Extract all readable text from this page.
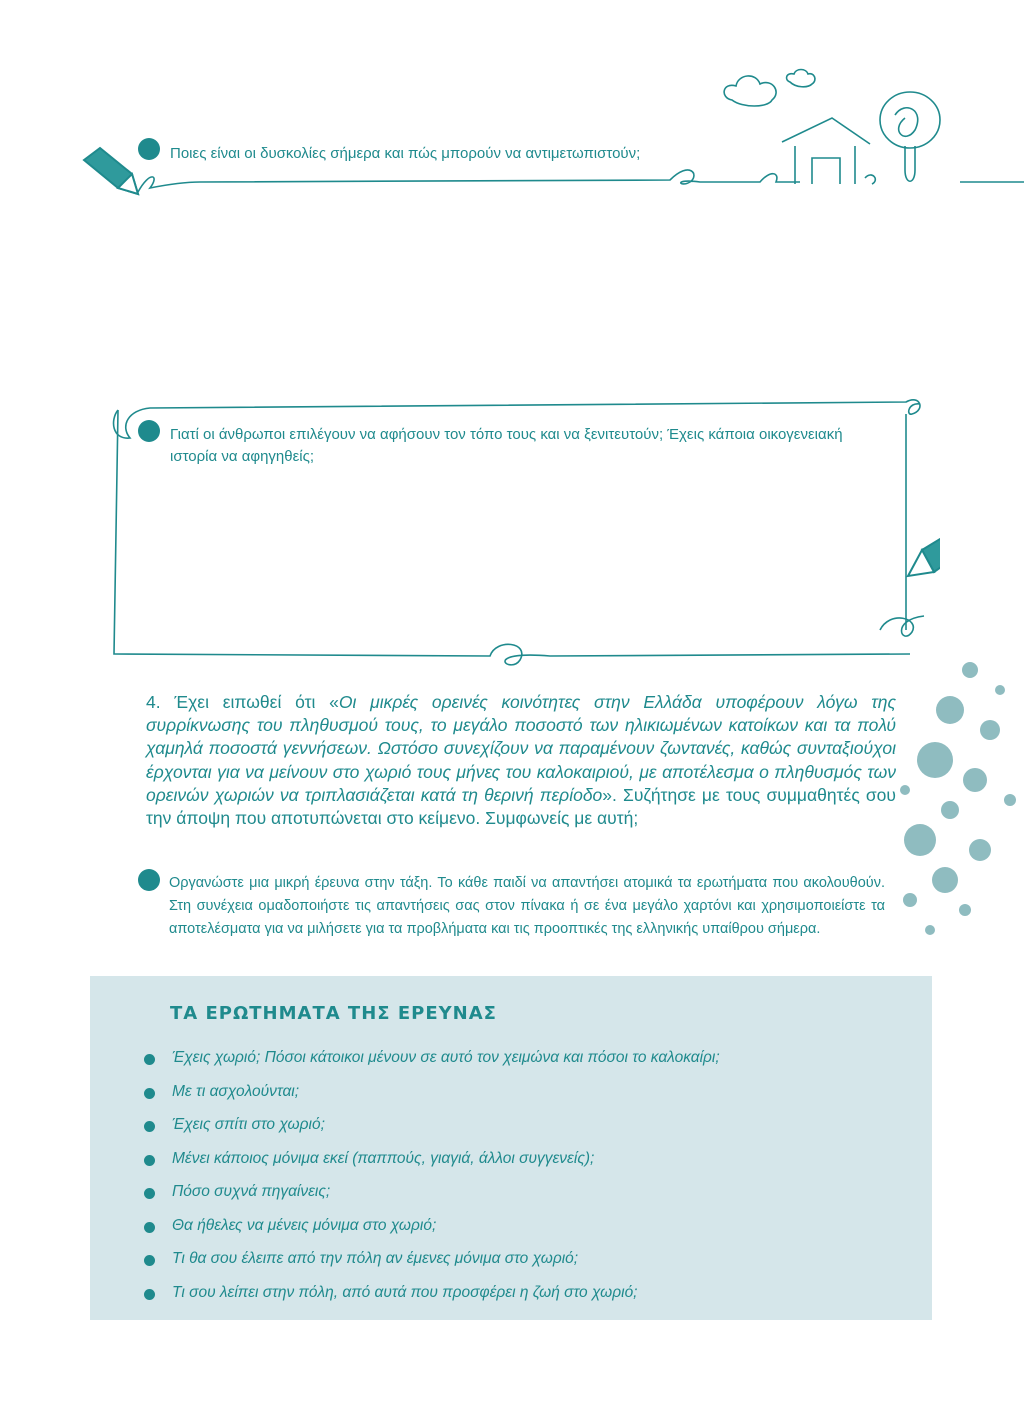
Ποιες είναι οι δυσκολίες σήμερα και πώς μπορούν να αντιμετωπιστούν;
Γιατί οι άνθρωποι επιλέγουν να αφήσουν τον τόπο τους και να ξενιτευτούν; Έχεις κάποια οικογενειακή
ιστορία να αφηγηθείς;
4. Έχει ειπωθεί ότι «Οι μικρές ορεινές κοινότητες στην Ελλάδα υποφέρουν λόγω της συρρίκνωσης του πληθυσμού τους, το μεγάλο ποσοστό των ηλικιωμένων κατοίκων και τα πολύ χαμηλά ποσοστά γεννήσεων. Ωστόσο συνεχίζουν να παραμένουν ζωντανές, καθώς συνταξιούχοι έρχονται για να μείνουν στο χωριό τους μήνες του καλοκαιριού, με αποτέλεσμα ο πληθυσμός των ορεινών χωριών να τριπλασιάζεται κατά τη θερινή περίοδο». Συζήτησε με τους συμμαθητές σου την άποψη που αποτυπώνεται στο κείμενο. Συμφωνείς με αυτή;
Οργανώστε μια μικρή έρευνα στην τάξη. Το κάθε παιδί να απαντήσει ατομικά τα ερωτήματα που ακολουθούν. Στη συνέχεια ομαδοποιήστε τις απαντήσεις σας στον πίνακα ή σε ένα μεγάλο χαρτόνι και χρησιμοποιείστε τα αποτελέσματα για να μιλήσετε για τα προβλήματα και τις προοπτικές της ελληνικής υπαίθρου σήμερα.
ΤΑ ΕΡΩΤΗΜΑΤΑ ΤΗΣ ΕΡΕΥΝΑΣ
Έχεις χωριό; Πόσοι κάτοικοι μένουν σε αυτό τον χειμώνα και πόσοι το καλοκαίρι;
Με τι ασχολούνται;
Έχεις σπίτι στο χωριό;
Μένει κάποιος μόνιμα εκεί (παππούς, γιαγιά, άλλοι συγγενείς);
Πόσο συχνά πηγαίνεις;
Θα ήθελες να μένεις μόνιμα στο χωριό;
Τι θα σου έλειπε από την πόλη αν έμενες μόνιμα στο χωριό;
Τι σου λείπει στην πόλη, από αυτά που προσφέρει η ζωή στο χωριό;
